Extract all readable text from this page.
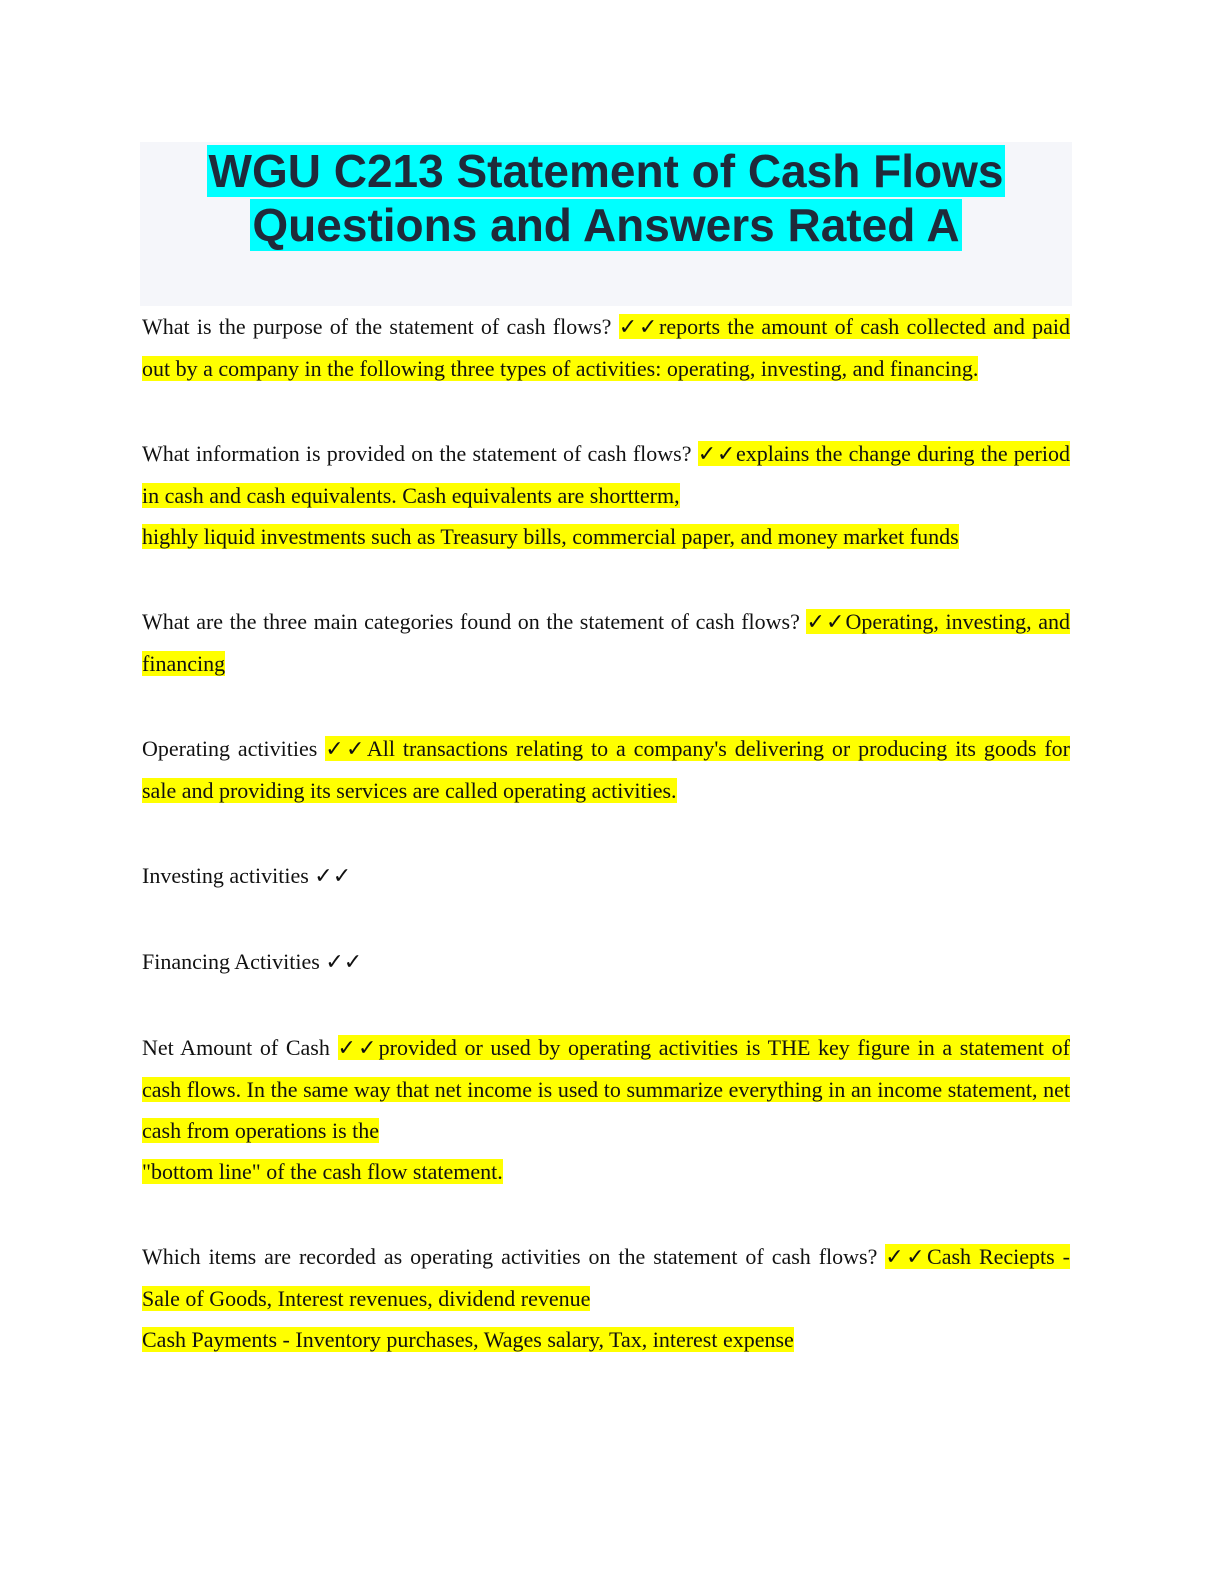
WGU C213 Statement of Cash Flows
Questions and Answers Rated A

What is the purpose of the statement of cash flows? ✓✓reports the amount of cash collected and paid out by a company in the following three types of activities: operating, investing, and financing.

What information is provided on the statement of cash flows? ✓✓explains the change during the period in cash and cash equivalents. Cash equivalents are shortterm,
highly liquid investments such as Treasury bills, commercial paper, and money market funds

What are the three main categories found on the statement of cash flows? ✓✓Operating, investing, and financing

Operating activities ✓✓All transactions relating to a company's delivering or producing its goods for sale and providing its services are called operating activities.

Investing activities ✓✓

Financing Activities ✓✓

Net Amount of Cash ✓✓provided or used by operating activities is THE key figure in a statement of cash flows. In the same way that net income is used to summarize everything in an income statement, net cash from operations is the
"bottom line" of the cash flow statement.

Which items are recorded as operating activities on the statement of cash flows? ✓✓Cash Reciepts - Sale of Goods, Interest revenues, dividend revenue
Cash Payments - Inventory purchases, Wages salary, Tax, interest expense
